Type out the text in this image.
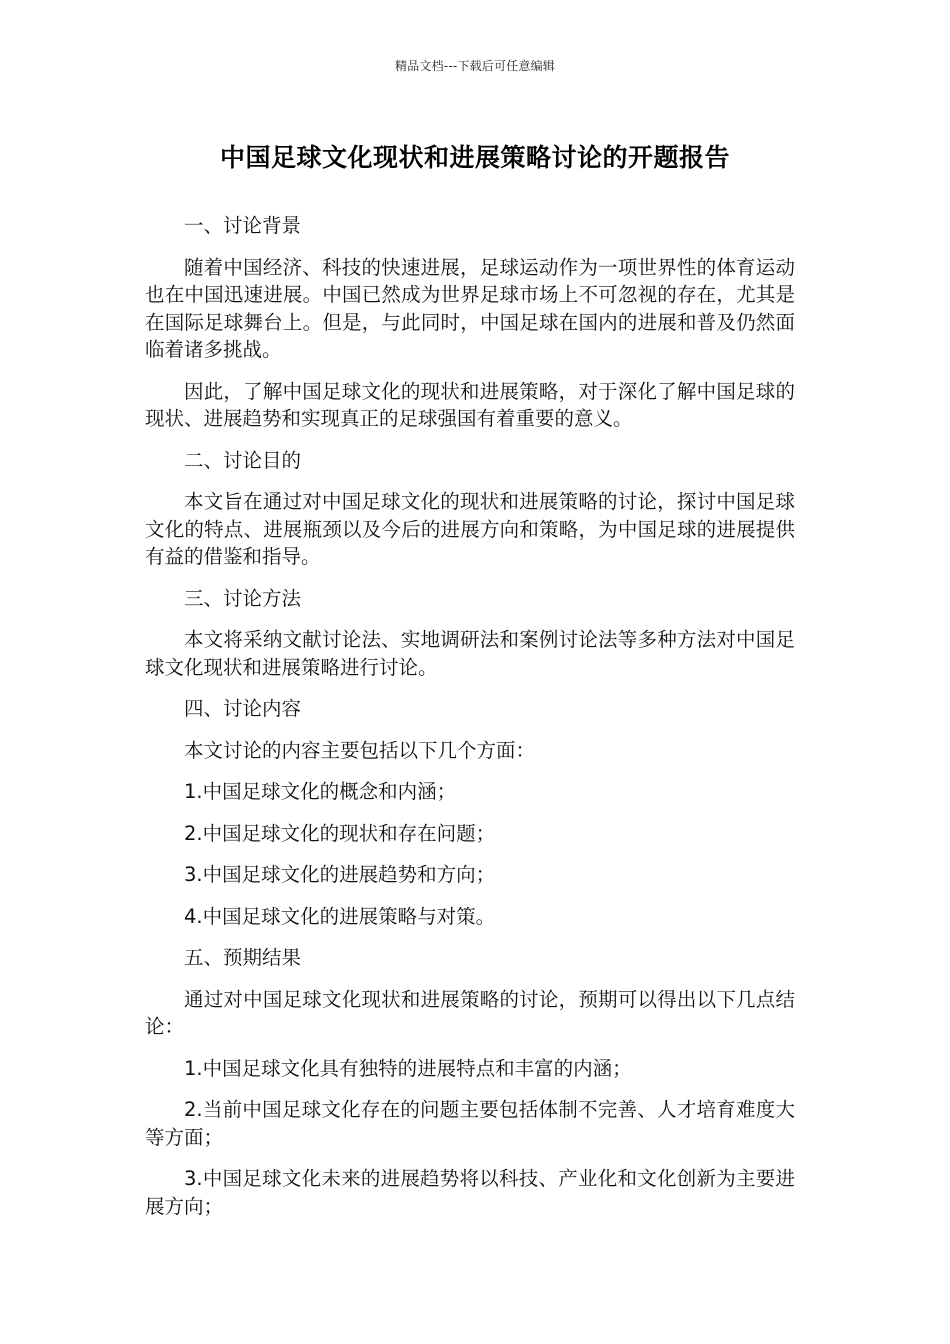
精品文档---下载后可任意编辑
中国足球文化现状和进展策略讨论的开题报告

一、讨论背景

随着中国经济、科技的快速进展，足球运动作为一项世界性的体育运动也在中国迅速进展。中国已然成为世界足球市场上不可忽视的存在，尤其是在国际足球舞台上。但是，与此同时，中国足球在国内的进展和普及仍然面临着诸多挑战。

因此，了解中国足球文化的现状和进展策略，对于深化了解中国足球的现状、进展趋势和实现真正的足球强国有着重要的意义。

二、讨论目的

本文旨在通过对中国足球文化的现状和进展策略的讨论，探讨中国足球文化的特点、进展瓶颈以及今后的进展方向和策略，为中国足球的进展提供有益的借鉴和指导。

三、讨论方法

本文将采纳文献讨论法、实地调研法和案例讨论法等多种方法对中国足球文化现状和进展策略进行讨论。

四、讨论内容

本文讨论的内容主要包括以下几个方面：

1.中国足球文化的概念和内涵；

2.中国足球文化的现状和存在问题；

3.中国足球文化的进展趋势和方向；

4.中国足球文化的进展策略与对策。

五、预期结果

通过对中国足球文化现状和进展策略的讨论，预期可以得出以下几点结论：

1.中国足球文化具有独特的进展特点和丰富的内涵；

2.当前中国足球文化存在的问题主要包括体制不完善、人才培育难度大等方面；

3.中国足球文化未来的进展趋势将以科技、产业化和文化创新为主要进展方向；
